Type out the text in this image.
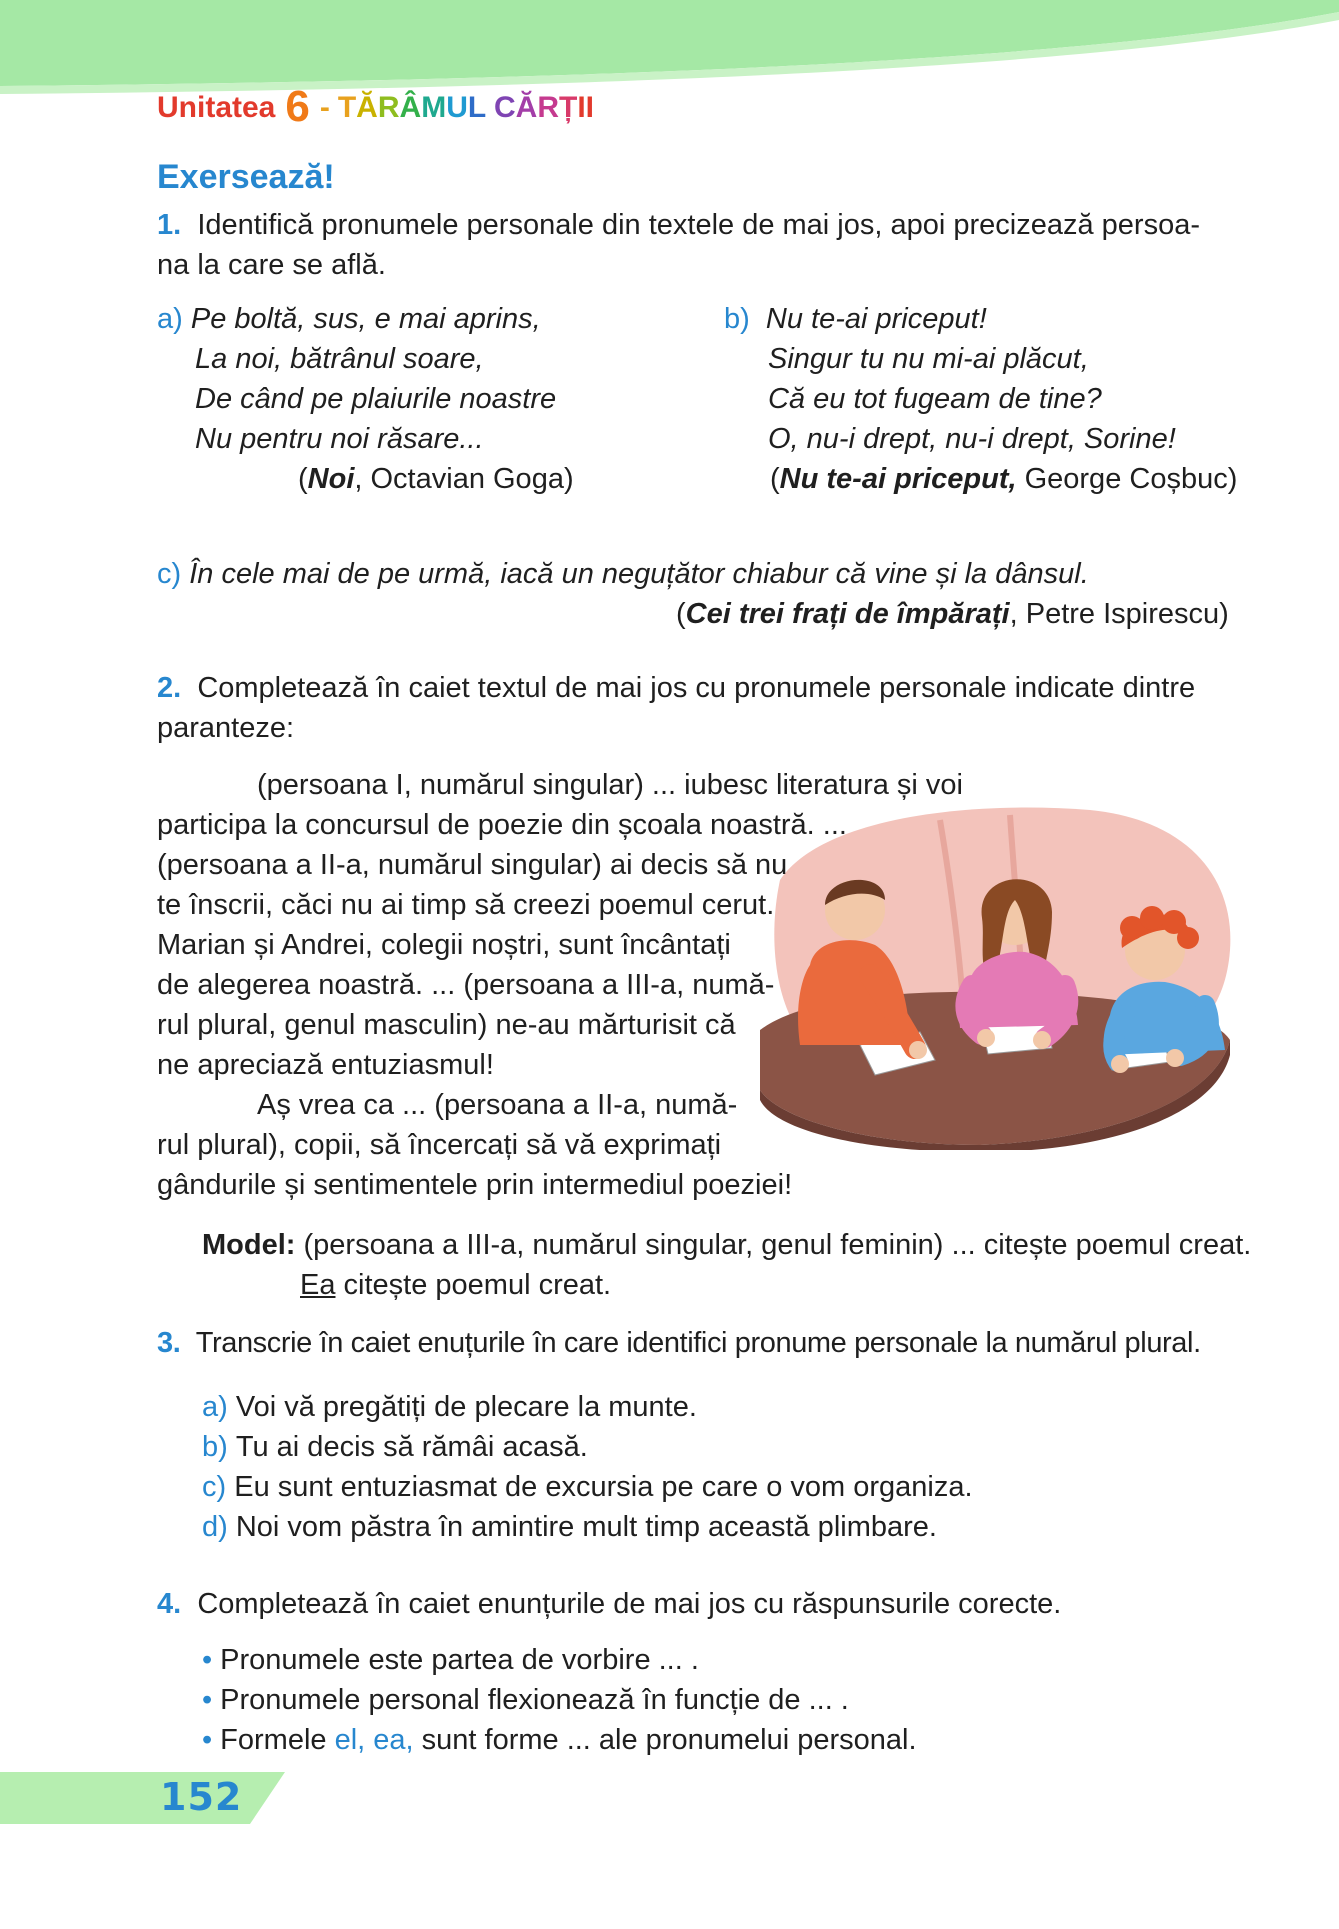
Unitatea 6 - TĂRÂMUL CĂRȚII
Exersează!
1. Identifică pronumele personale din textele de mai jos, apoi precizează persoa-
na la care se află.
a) Pe boltă, sus, e mai aprins,
La noi, bătrânul soare,
De când pe plaiurile noastre
Nu pentru noi răsare...
(Noi, Octavian Goga)
b) Nu te-ai priceput!
Singur tu nu mi-ai plăcut,
Că eu tot fugeam de tine?
O, nu-i drept, nu-i drept, Sorine!
(Nu te-ai priceput, George Coșbuc)
c) În cele mai de pe urmă, iacă un neguțător chiabur că vine și la dânsul.
(Cei trei frați de împărați, Petre Ispirescu)
2. Completează în caiet textul de mai jos cu pronumele personale indicate dintre
paranteze:
(persoana I, numărul singular) ... iubesc literatura și voi
participa la concursul de poezie din școala noastră. ...
(persoana a II-a, numărul singular) ai decis să nu
te înscrii, căci nu ai timp să creezi poemul cerut.
Marian și Andrei, colegii noștri, sunt încântați
de alegerea noastră. ... (persoana a III-a, numă-
rul plural, genul masculin) ne-au mărturisit că
ne apreciază entuziasmul!
Aș vrea ca ... (persoana a II-a, numă-
rul plural), copii, să încercați să vă exprimați
gândurile și sentimentele prin intermediul poeziei!
Model: (persoana a III-a, numărul singular, genul feminin) ... citește poemul creat.
Ea citește poemul creat.
3. Transcrie în caiet enuțurile în care identifici pronume personale la numărul plural.
a) Voi vă pregătiți de plecare la munte.
b) Tu ai decis să rămâi acasă.
c) Eu sunt entuziasmat de excursia pe care o vom organiza.
d) Noi vom păstra în amintire mult timp această plimbare.
4. Completează în caiet enunțurile de mai jos cu răspunsurile corecte.
• Pronumele este partea de vorbire ... .
• Pronumele personal flexionează în funcție de ... .
• Formele el, ea, sunt forme ... ale pronumelui personal.
152
